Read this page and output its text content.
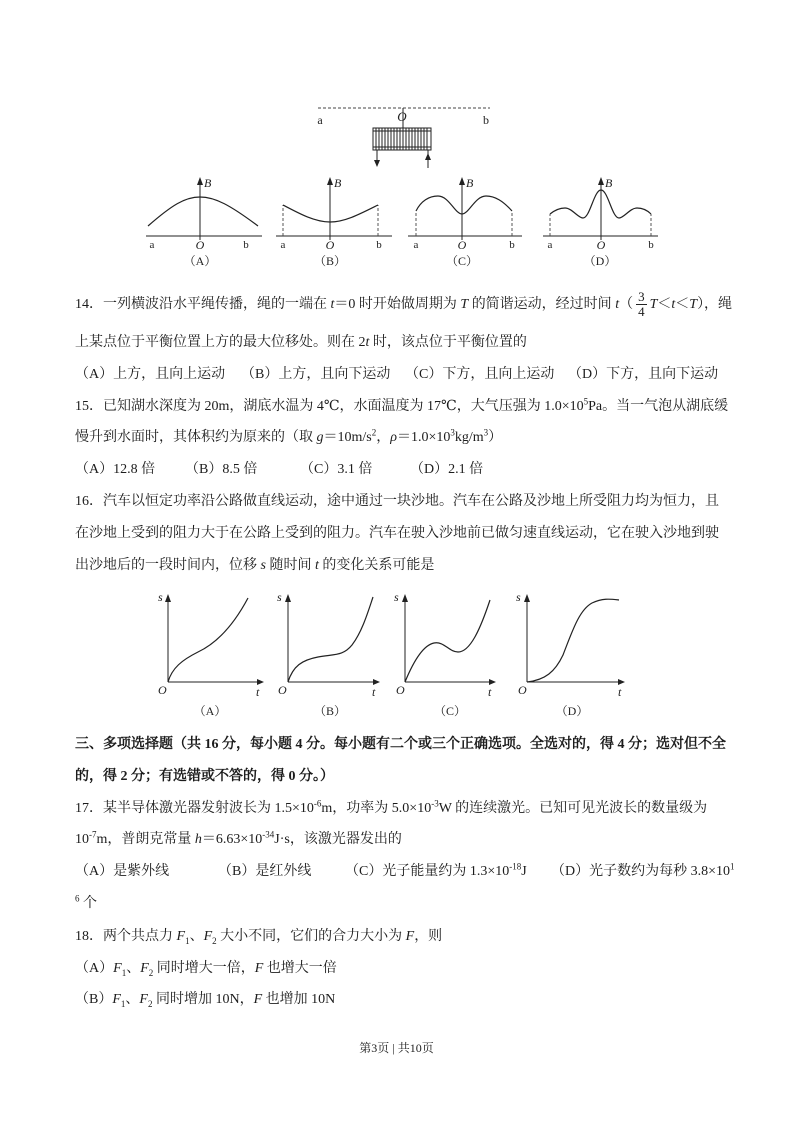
a	O	b
B
a	O	b
（A）
B
a	O	b
（B）
B
a	O	b
（C）
B
a	O	b
（D）
14．一列横波沿水平绳传播，绳的一端在 t＝0 时开始做周期为 T 的简谐运动，经过时间 $t( \frac{3}{4} T<t<T)$，绳
上某点位于平衡位置上方的最大位移处。则在 2t 时，该点位于平衡位置的
（A）上方，且向上运动	（B）上方，且向下运动	（C）下方，且向上运动 （D）下方，且向下运动
15．已知湖水深度为 20m，湖底水温为 4℃，水面温度为 17℃，大气压强为 $1.0\times 10^5Pa$。当一气泡从湖底缓
慢升到水面时，其体积约为原来的（取 $g=10m/s^2$，$\rho=1.0\times 10^3kg/m^3$）
（A）12.8 倍	（B）8.5 倍	（C）3.1 倍	（D）2.1 倍
16．汽车以恒定功率沿公路做直线运动，途中通过一块沙地。汽车在公路及沙地上所受阻力均为恒力，且
在沙地上受到的阻力大于在公路上受到的阻力。汽车在驶入沙地前已做匀速直线运动，它在驶入沙地到驶
出沙地后的一段时间内，位移 s 随时间 t 的变化关系可能是
s
O	t
（A）
s
O	t
（B）
s
O	t
（C）
s
O	t
（D）
三、多项选择题（共 16 分，每小题 4 分。每小题有二个或三个正确选项。全选对的，得 4 分；选对但不全
的，得 2 分；有选错或不答的，得 0 分。）
17．某半导体激光器发射波长为 $1.5\times 10^{-6}m$，功率为 $5.0\times 10^{-3}W$ 的连续激光。已知可见光波长的数量级为
$10^{-7}m$，普朗克常量 $h=6.63\times 10^{-34}J\cdot s$，该激光器发出的
（A）是紫外线	（B）是红外线	（C）光子能量约为 $1.3\times 10^{-18}J$	（D）光子数约为每秒 $3.8\times 10^1$
$^6$ 个
18．两个共点力 $F_1$、$F_2$ 大小不同，它们的合力大小为 F，则
$(A)F_1$、$F_2$ 同时增大一倍，F 也增大一倍
$(B)F_1$、$F_2$ 同时增加 10N，F 也增加 10N
第3页 | 共10页
